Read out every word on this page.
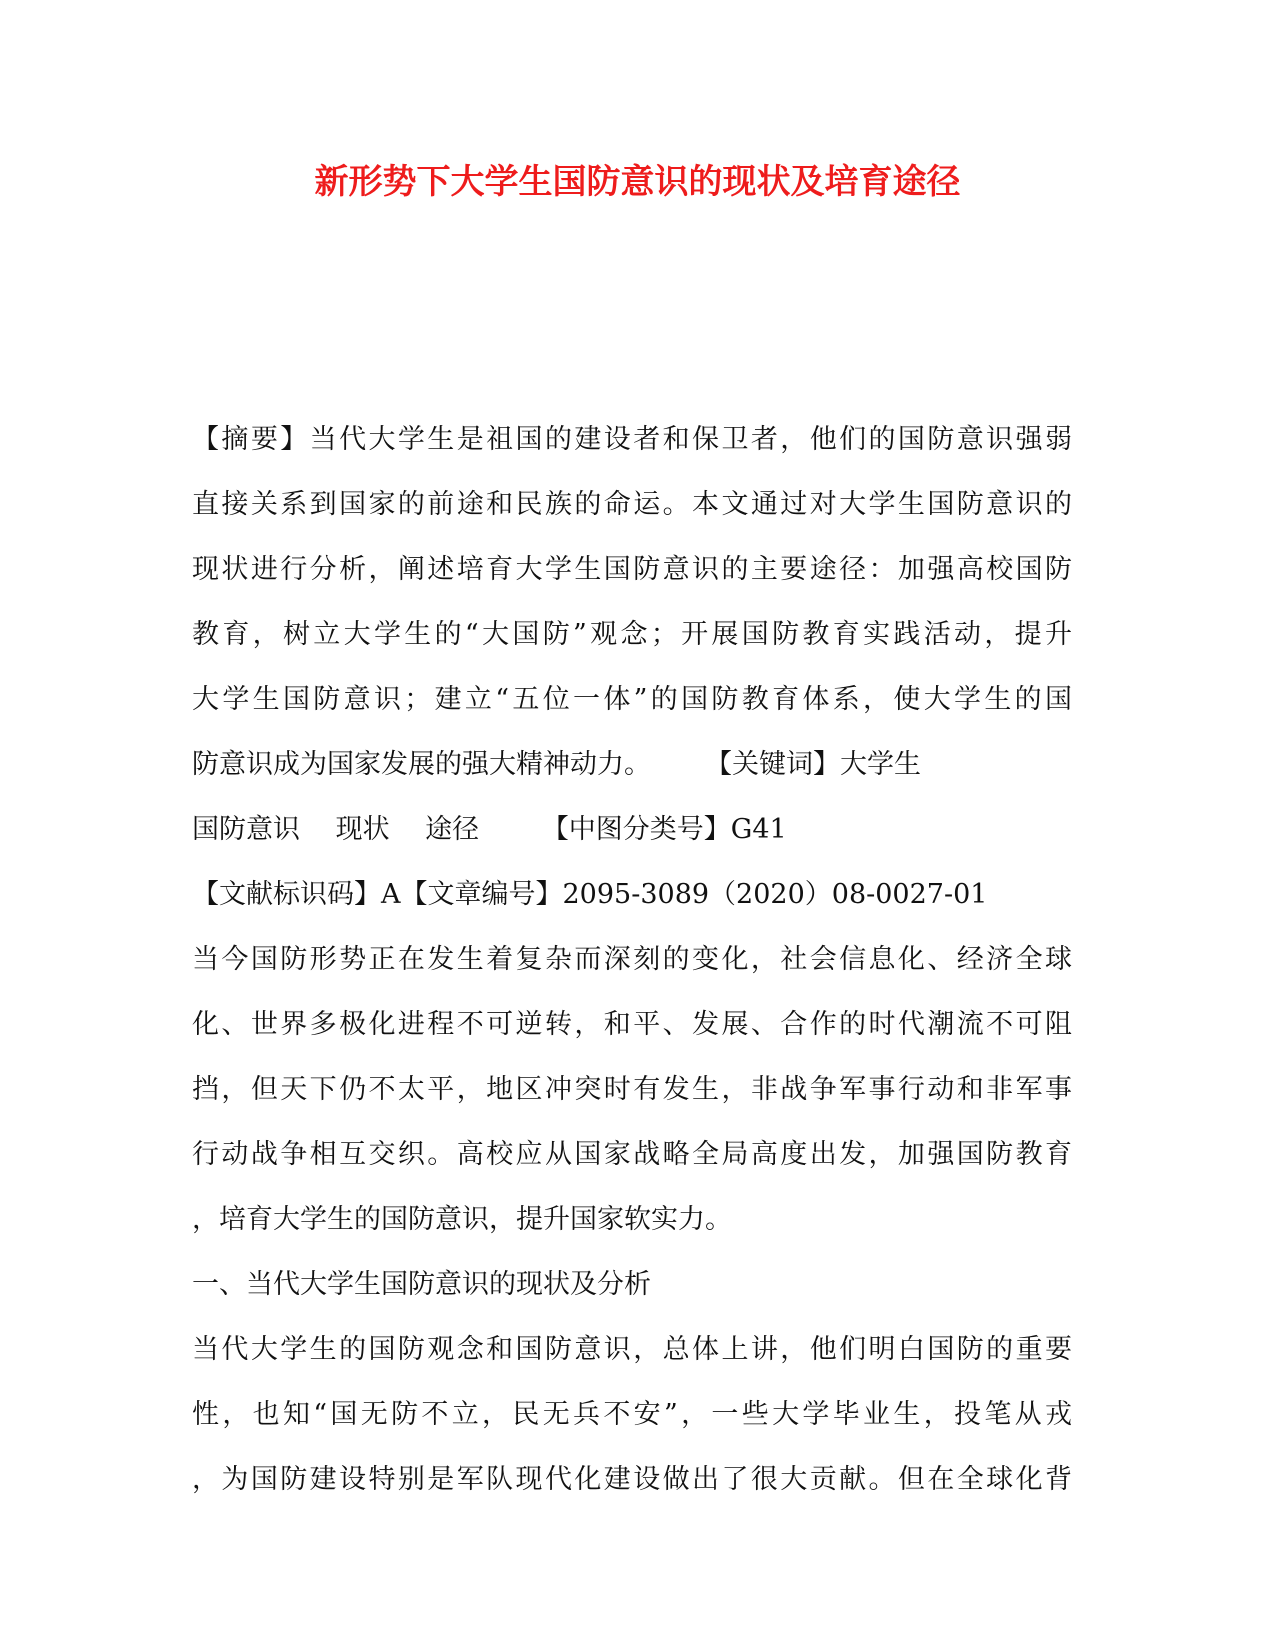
新形势下大学生国防意识的现状及培育途径
【摘要】当代大学生是祖国的建设者和保卫者，他们的国防意识强弱
直接关系到国家的前途和民族的命运。本文通过对大学生国防意识的
现状进行分析，阐述培育大学生国防意识的主要途径：加强高校国防
教育，树立大学生的“大国防”观念；开展国防教育实践活动，提升
大学生国防意识；建立“五位一体”的国防教育体系，使大学生的国
防意识成为国家发展的强大精神动力。　　　【关键词】大学生
国防意识　 现状　 途径　　 【中图分类号】G41
【文献标识码】A【文章编号】2095-3089（2020）08-0027-01
当今国防形势正在发生着复杂而深刻的变化，社会信息化、经济全球
化、世界多极化进程不可逆转，和平、发展、合作的时代潮流不可阻
挡，但天下仍不太平，地区冲突时有发生，非战争军事行动和非军事
行动战争相互交织。高校应从国家战略全局高度出发，加强国防教育
，培育大学生的国防意识，提升国家软实力。
一、当代大学生国防意识的现状及分析
当代大学生的国防观念和国防意识，总体上讲，他们明白国防的重要
性，也知“国无防不立，民无兵不安”，一些大学毕业生，投笔从戎
，为国防建设特别是军队现代化建设做出了很大贡献。但在全球化背
